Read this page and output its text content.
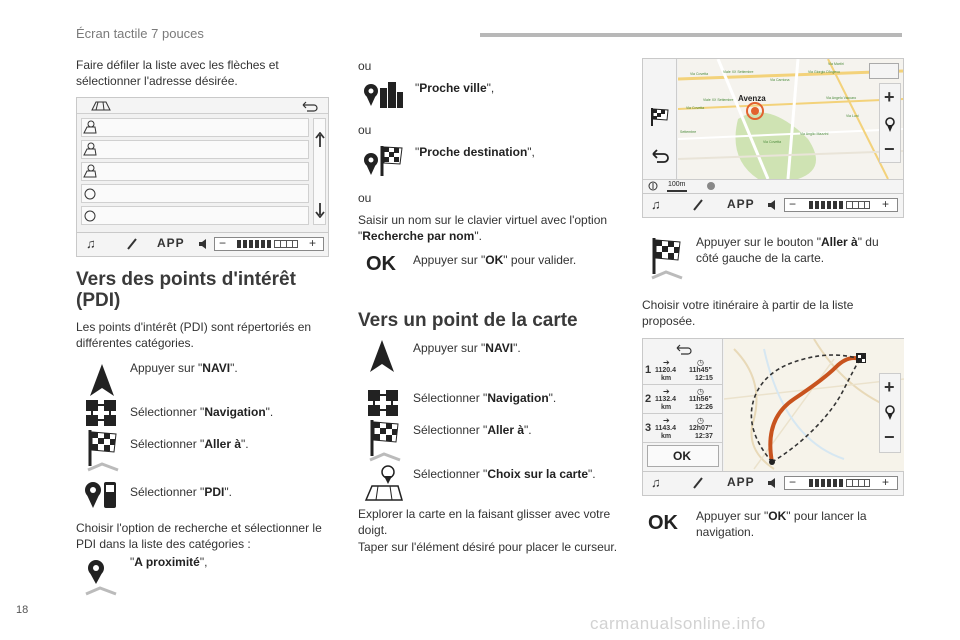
Écran tactile 7 pouces
Faire défiler la liste avec les flèches et sélectionner l'adresse désirée.
♫	APP	−	+
Vers des points d'intérêt (PDI)
Les points d'intérêt (PDI) sont répertoriés en différentes catégories.
Appuyer sur "NAVI".
Sélectionner "Navigation".
Sélectionner "Aller à".
Sélectionner "PDI".
Choisir l'option de recherche et sélectionner le PDI dans la liste des catégories :
"A proximité",
ou
"Proche ville",
ou
"Proche destination",
ou
Saisir un nom sur le clavier virtuel avec l'option "Recherche par nom".
OK Appuyer sur "OK" pour valider.
Vers un point de la carte
Appuyer sur "NAVI".
Sélectionner "Navigation".
Sélectionner "Aller à".
Sélectionner "Choix sur la carte".
Explorer la carte en la faisant glisser avec votre doigt.
Taper sur l'élément désiré pour placer le curseur.
Avenza
Via Covetta	Viale XX Settembre
Via Carriona
Via Martiri
Via Giorgio D'Ingevo
Via Angelo Vaccaro
Via Luni
Via Anglio Mazzini
Via Covetta
Settembre
Via Covetta
Viale XX Settembre	+
−
100m
♫	APP	−	+
Appuyer sur le bouton "Aller à" du côté gauche de la carte.
Choisir votre itinéraire à partir de la liste proposée.
1
➔
1120.4
km
◷
11h45"
12:15
2
➔
1132.4
km
◷
11h56"
12:26
3
➔
1143.4
km
◷
12h07"
12:37
OK
+
−
♫	APP	−	+
OK Appuyer sur "OK" pour lancer la navigation.
18
carmanualsonline.info
